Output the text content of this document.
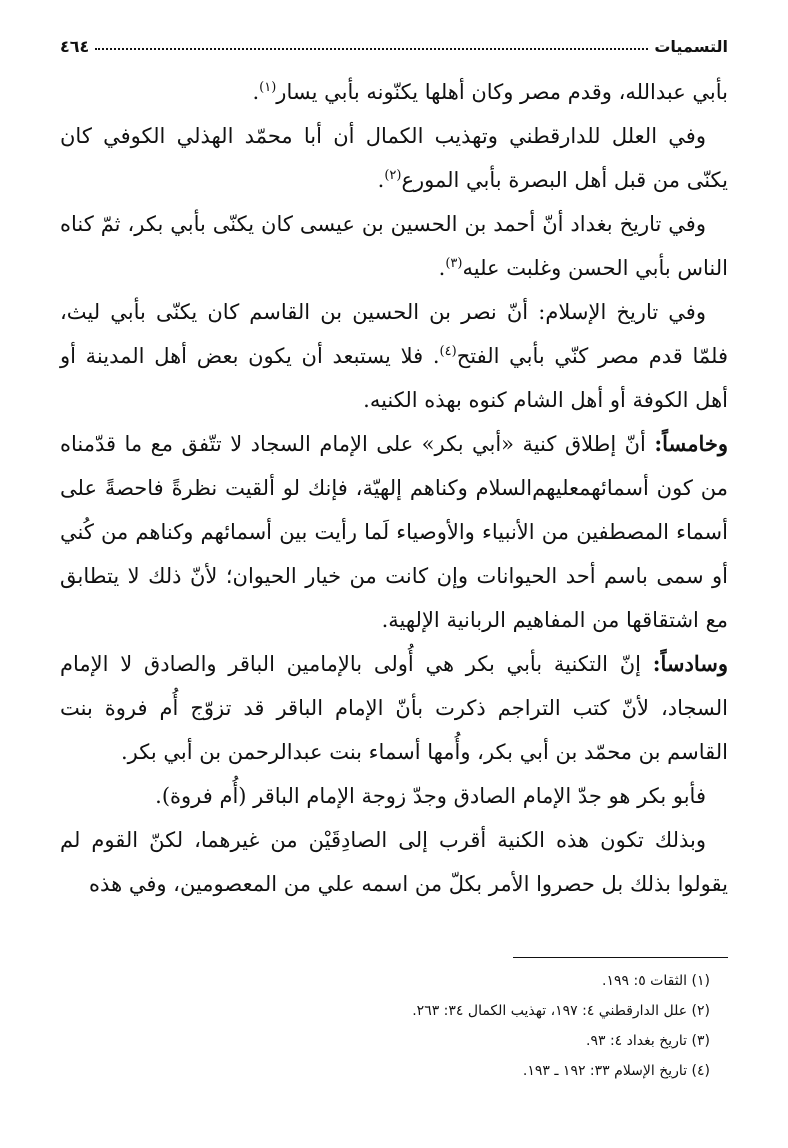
التسميات
٤٦٤

بأبي عبدالله، وقدم مصر وكان أهلها يكنّونه بأبي يسار$^{(١)}$.

وفي العلل للدارقطني وتهذيب الكمال أن أبا محمّد الهذلي الكوفي كان يكنّى من قبل أهل البصرة بأبي المورع$^{(٢)}$.

وفي تاريخ بغداد أنّ أحمد بن الحسين بن عيسى كان يكنّى بأبي بكر، ثمّ كناه الناس بأبي الحسن وغلبت عليه$^{(٣)}$.

وفي تاريخ الإسلام: أنّ نصر بن الحسين بن القاسم كان يكنّى بأبي ليث، فلمّا قدم مصر كنّي بأبي الفتح$^{(٤)}$. فلا يستبعد أن يكون بعض أهل المدينة أو أهل الكوفة أو أهل الشام كنوه بهذه الكنيه.

وخامساً: أنّ إطلاق كنية «أبي بكر» على الإمام السجاد لا تتّفق مع ما قدّمناه من كون أسمائهمعليهم‌السلام وكناهم إلهيّة، فإنك لو ألقيت نظرةً فاحصةً على أسماء المصطفين من الأنبياء والأوصياء لَما رأيت بين أسمائهم وكناهم من كُني أو سمى باسم أحد الحيوانات وإن كانت من خيار الحيوان؛ لأنّ ذلك لا يتطابق مع اشتقاقها من المفاهيم الربانية الإلهية.

وسادساً: إنّ التكنية بأبي بكر هي أُولى بالإمامين الباقر والصادق لا الإمام السجاد، لأنّ كتب التراجم ذكرت بأنّ الإمام الباقر قد تزوّج أُم فروة بنت القاسم بن محمّد بن أبي بكر، وأُمها أسماء بنت عبدالرحمن بن أبي بكر.

فأبو بكر هو جدّ الإمام الصادق وجدّ زوجة الإمام الباقر (أُم فروة).

وبذلك تكون هذه الكنية أقرب إلى الصادِقَيْن من غيرهما، لكنّ القوم لم يقولوا بذلك بل حصروا الأمر بكلّ من اسمه علي من المعصومين، وفي هذه

(١) الثقات ٥: ١٩٩.

(٢) علل الدارقطني ٤: ١٩٧، تهذيب الكمال ٣٤: ٢٦٣.

(٣) تاريخ بغداد ٤: ٩٣.

(٤) تاريخ الإسلام ٣٣: ١٩٢ ـ ١٩٣.
